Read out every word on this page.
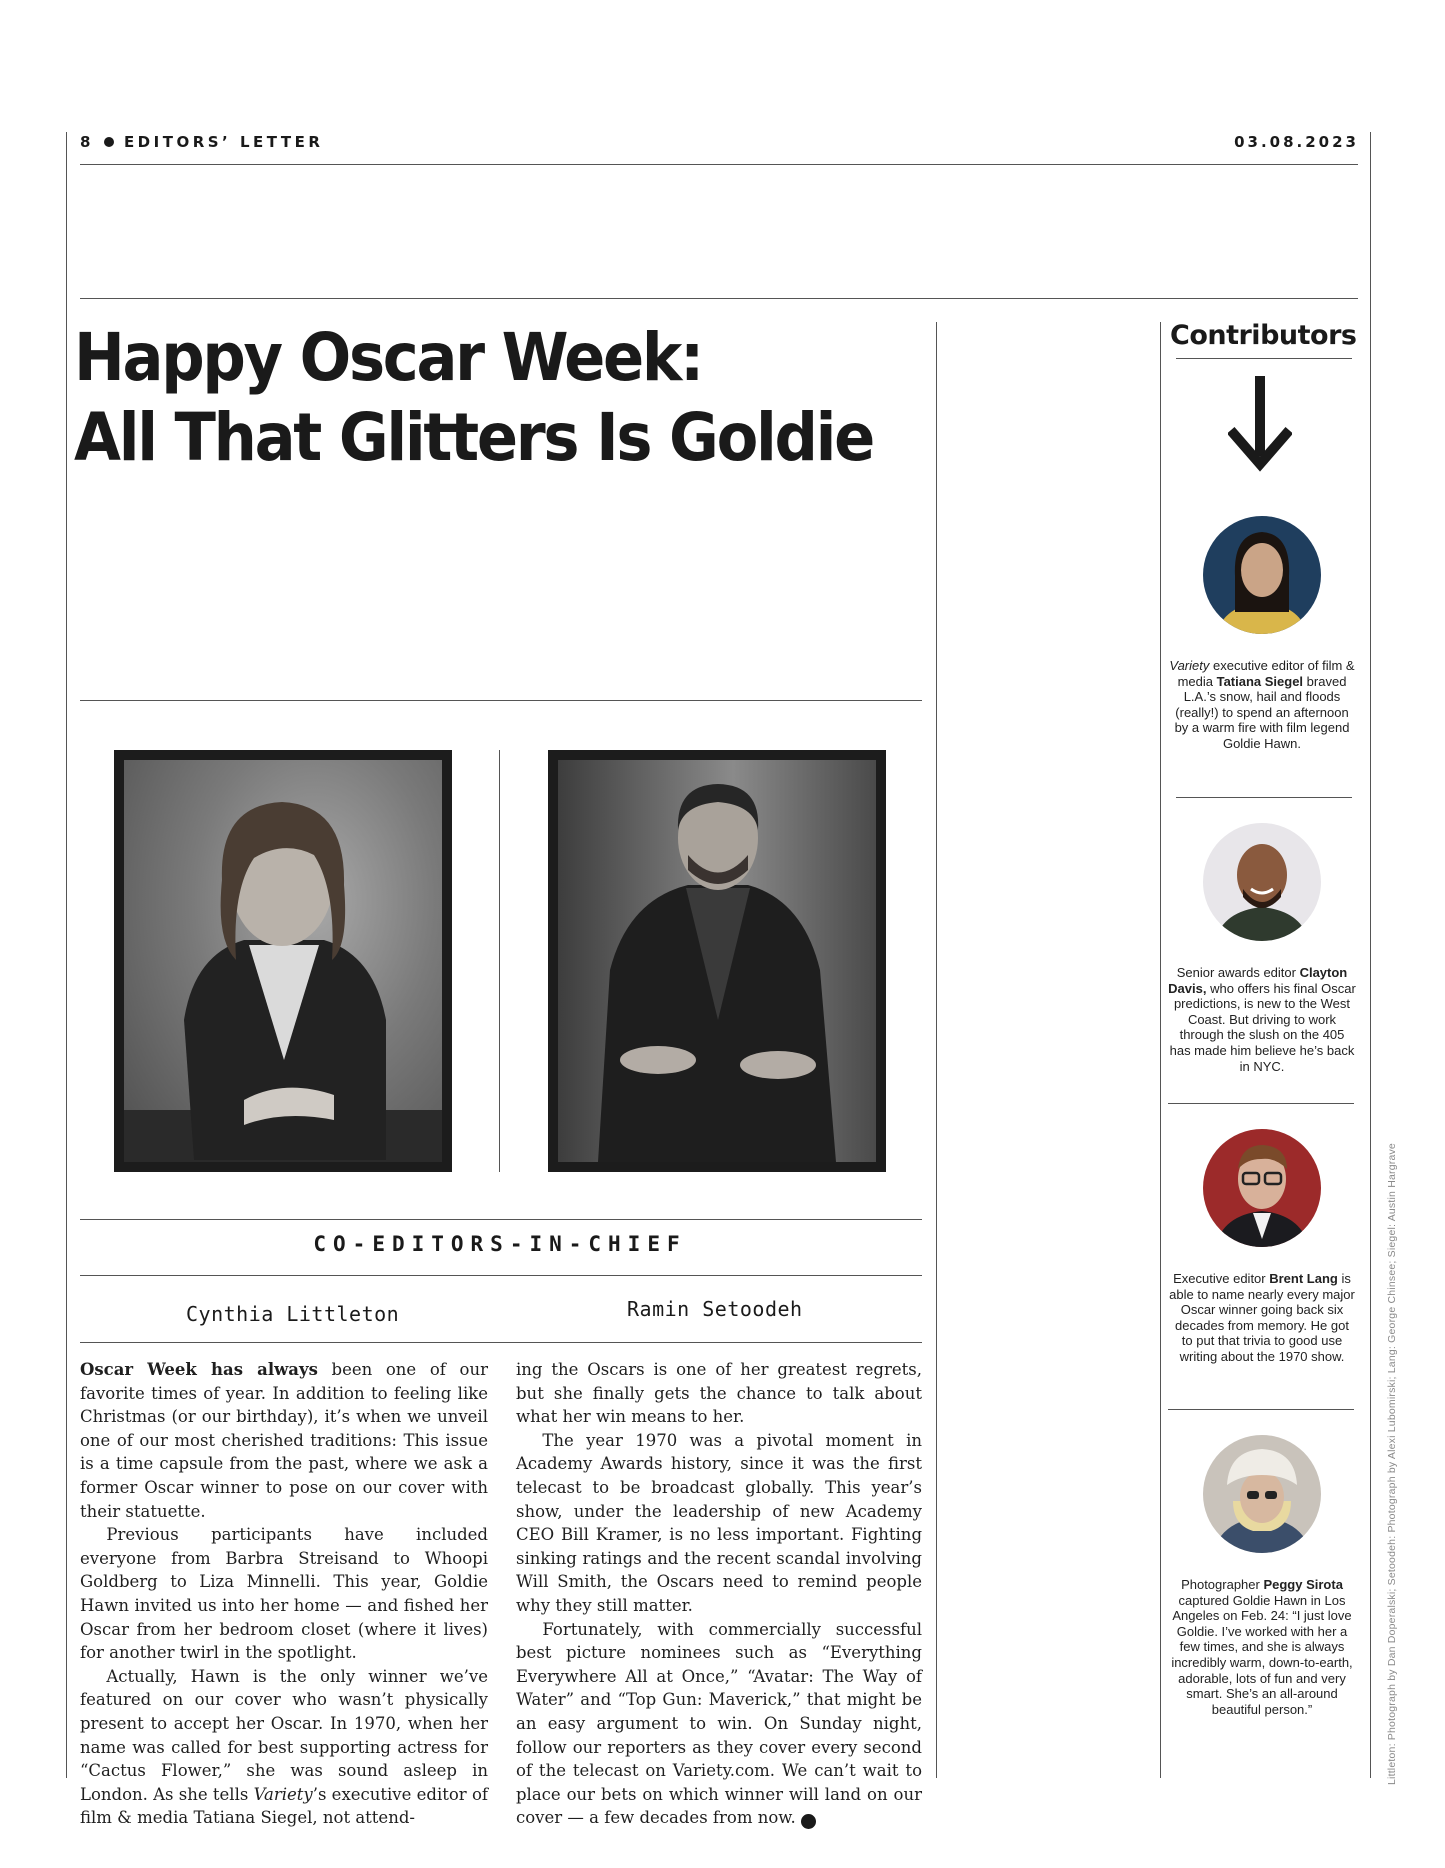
8 EDITORS’ LETTER	03.08.2023
Happy Oscar Week:
All That Glitters Is Goldie
CO-EDITORS-IN-CHIEF
Cynthia Littleton	Ramin Setoodeh

Oscar Week has always been one of our favorite times of year. In addition to feeling like Christmas (or our birthday), it’s when we unveil one of our most cherished traditions: This issue is a time capsule from the past, where we ask a former Oscar winner to pose on our cover with their statuette.

Previous participants have included everyone from Barbra Streisand to Whoopi Goldberg to Liza Minnelli. This year, Goldie Hawn invited us into her home — and fished her Oscar from her bedroom closet (where it lives) for another twirl in the spotlight.

Actually, Hawn is the only winner we’ve featured on our cover who wasn’t physically present to accept her Oscar. In 1970, when her name was called for best supporting actress for “Cactus Flower,” she was sound asleep in London. As she tells Variety’s executive editor of film & media Tatiana Siegel, not attend-

ing the Oscars is one of her greatest regrets, but she finally gets the chance to talk about what her win means to her.

The year 1970 was a pivotal moment in Academy Awards history, since it was the first telecast to be broadcast globally. This year’s show, under the leadership of new Academy CEO Bill Kramer, is no less important. Fighting sinking ratings and the recent scandal involving Will Smith, the Oscars need to remind people why they still matter.

Fortunately, with commercially successful best picture nominees such as “Everything Everywhere All at Once,” “Avatar: The Way of Water” and “Top Gun: Maverick,” that might be an easy argument to win. On Sunday night, follow our reporters as they cover every second of the telecast on Variety.com. We can’t wait to place our bets on which winner will land on our cover — a few decades from now.	v

Contributors
Variety executive editor of film & media Tatiana Siegel braved L.A.’s snow, hail and floods (really!) to spend an afternoon by a warm fire with film legend Goldie Hawn.
Senior awards editor Clayton Davis, who offers his final Oscar predictions, is new to the West Coast. But driving to work through the slush on the 405 has made him believe he’s back in NYC.
Executive editor Brent Lang is able to name nearly every major Oscar winner going back six decades from memory. He got to put that trivia to good use writing about the 1970 show.
Photographer Peggy Sirota captured Goldie Hawn in Los Angeles on Feb. 24: “I just love Goldie. I’ve worked with her a few times, and she is always incredibly warm, down-to-earth, adorable, lots of fun and very smart. She’s an all-around beautiful person.”	Littleton: Photograph by Dan Doperalski; Setoodeh: Photograph by Alexi Lubomirski; Lang: George Chinsee; Siegel: Austin Hargrave
